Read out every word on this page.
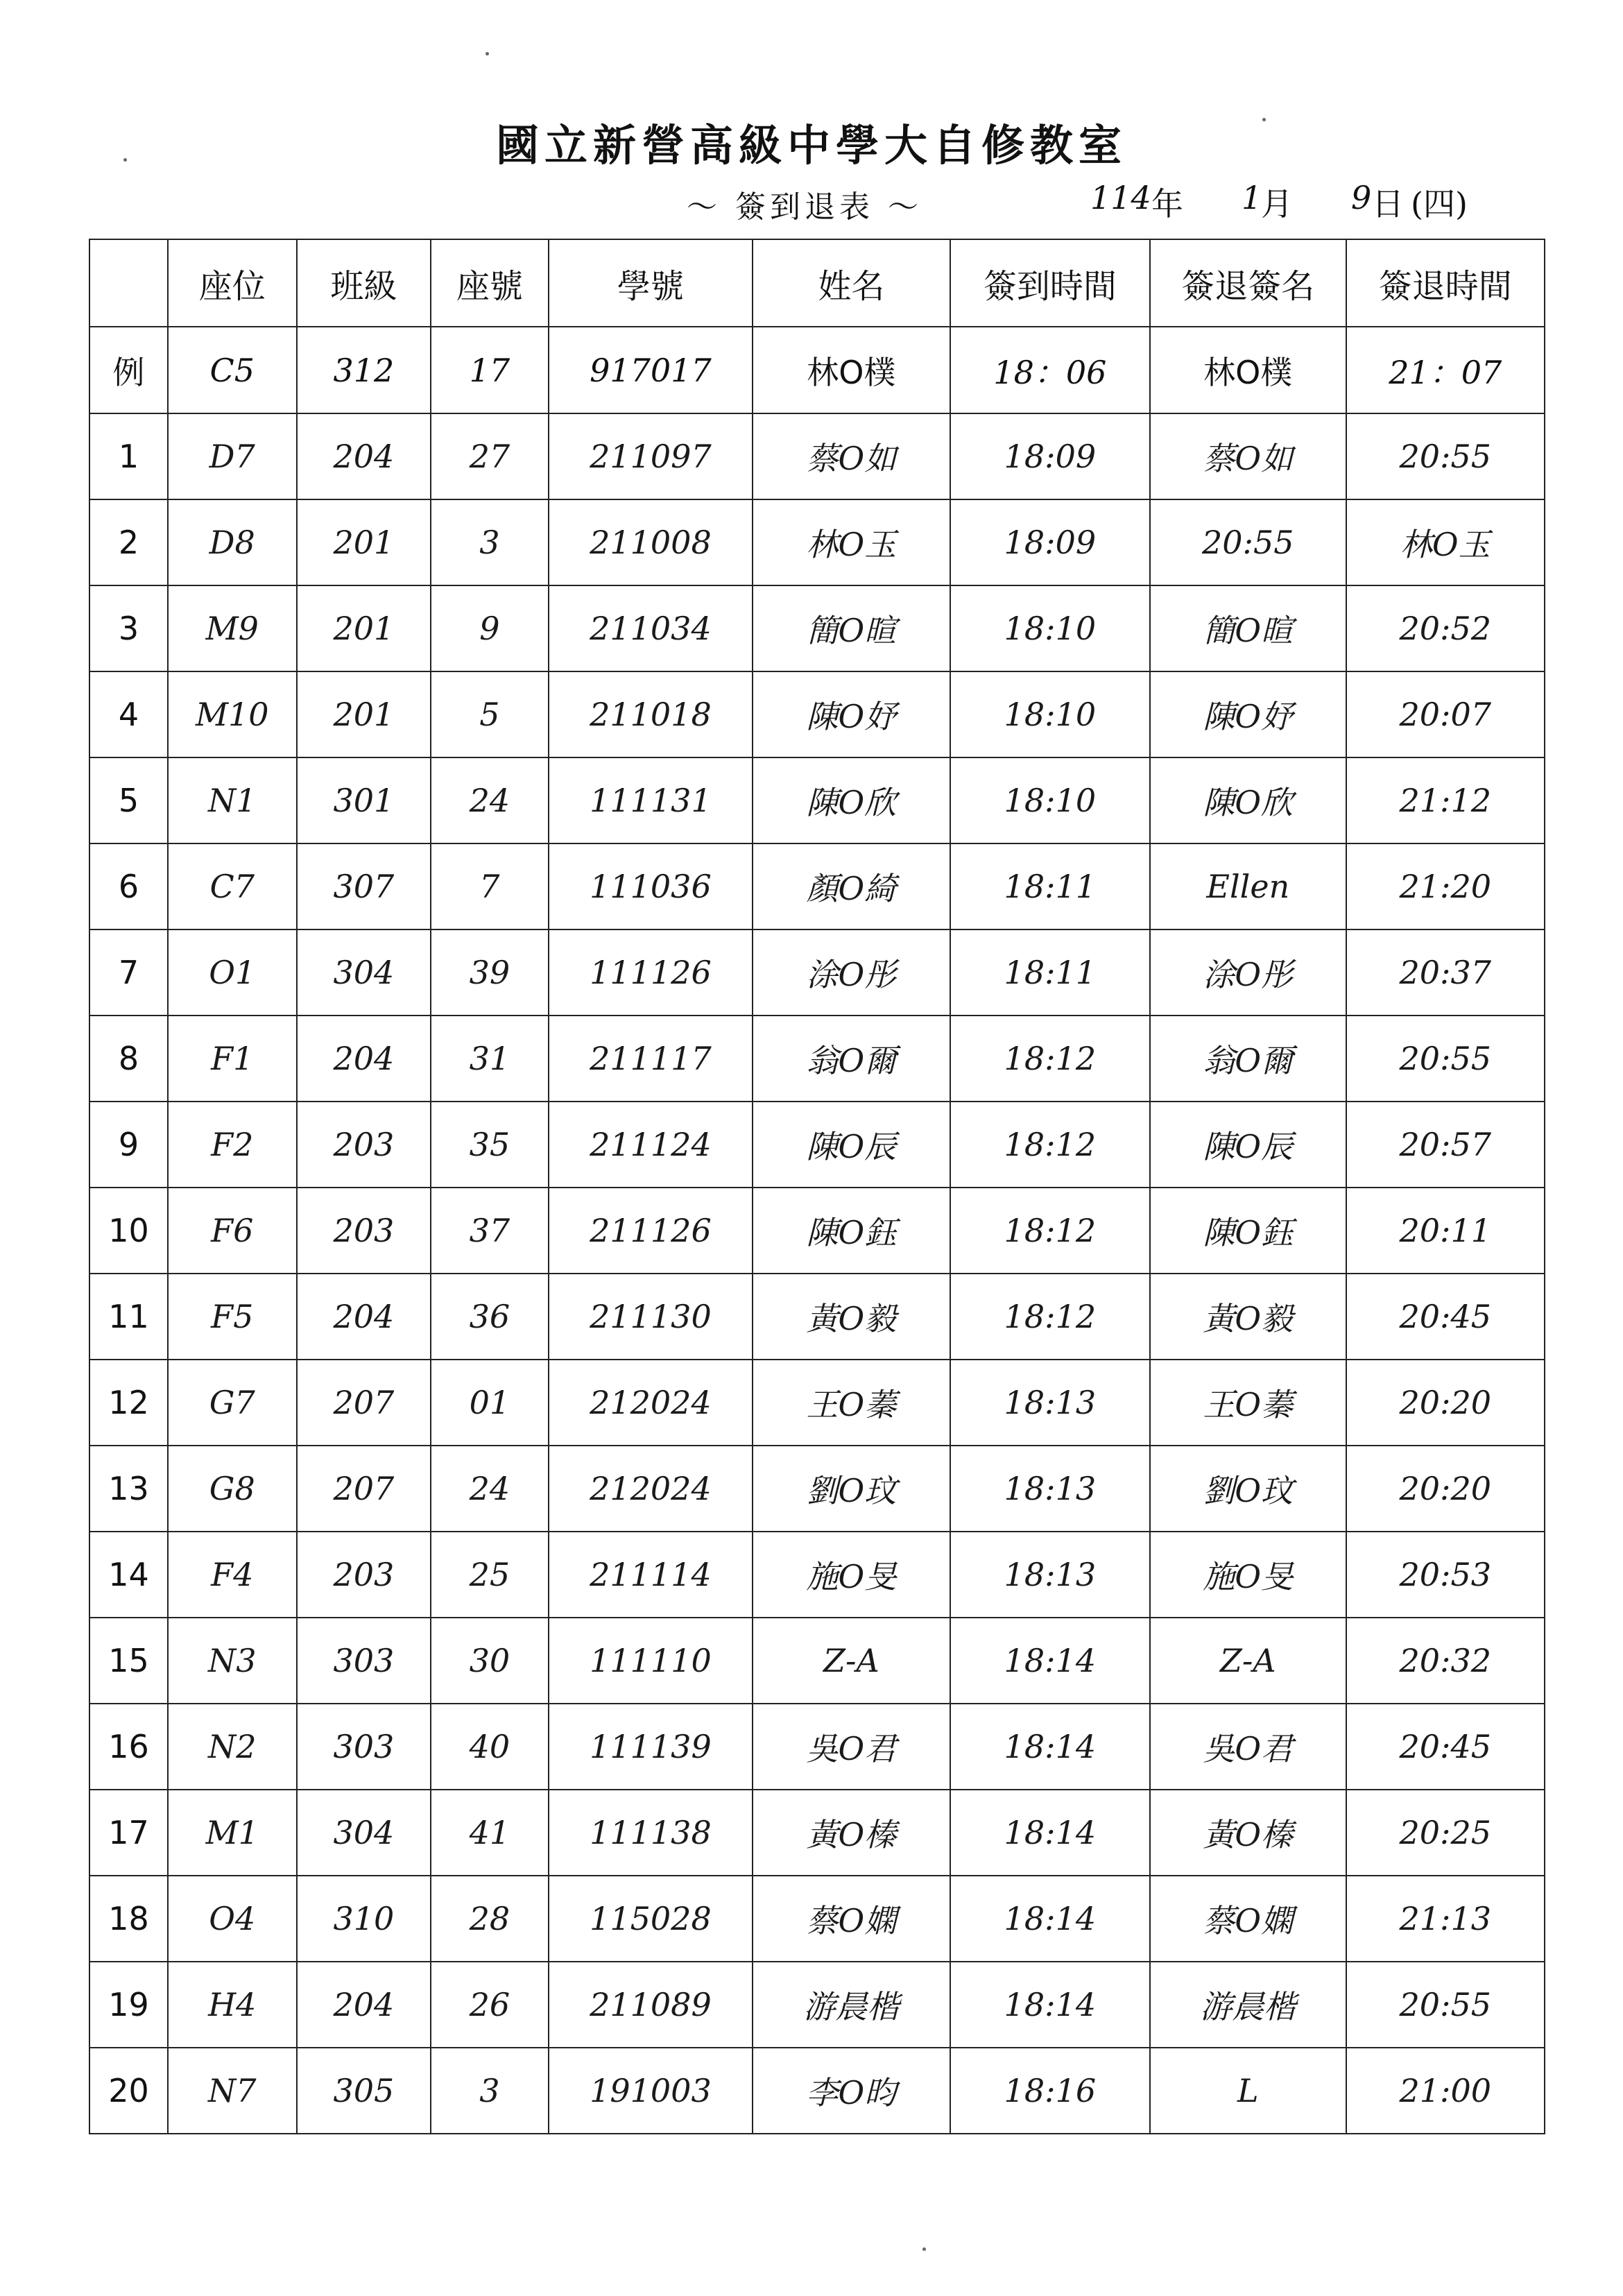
國立新營高級中學大自修教室
～ 簽到退表 ～	114 年 1
月 9 日 (四)
	座位	班級	座號	學號	姓名	簽到時間	簽退簽名	簽退時間
例	C5	312	17	917017	林O樸	18：06	林O樸	21：07
1	D7	204	27	211097	蔡O如	18:09	蔡O如	20:55
2	D8	201	3	211008	林O玉	18:09	20:55	林O玉
3	M9	201	9	211034	簡O暄	18:10	簡O暄	20:52
4	M10	201	5	211018	陳O妤	18:10	陳O妤	20:07
5	N1	301	24	111131	陳O欣	18:10	陳O欣	21:12
6	C7	307	7	111036	顏O綺	18:11	Ellen	21:20
7	O1	304	39	111126	涂O彤	18:11	涂O彤	20:37
8	F1	204	31	211117	翁O爾	18:12	翁O爾	20:55
9	F2	203	35	211124	陳O辰	18:12	陳O辰	20:57
10	F6	203	37	211126	陳O鈺	18:12	陳O鈺	20:11
11	F5	204	36	211130	黃O毅	18:12	黃O毅	20:45
12	G7	207	01	212024	王O蓁	18:13	王O蓁	20:20
13	G8	207	24	212024	劉O玟	18:13	劉O玟	20:20
14	F4	203	25	211114	施O旻	18:13	施O旻	20:53
15	N3	303	30	111110	Z-A	18:14	Z-A	20:32
16	N2	303	40	111139	吳O君	18:14	吳O君	20:45
17	M1	304	41	111138	黃O榛	18:14	黃O榛	20:25
18	O4	310	28	115028	蔡O嫻	18:14	蔡O嫻	21:13
19	H4	204	26	211089	游晨楷	18:14	游晨楷	20:55
20	N7	305	3	191003	李O昀	18:16	L	21:00
